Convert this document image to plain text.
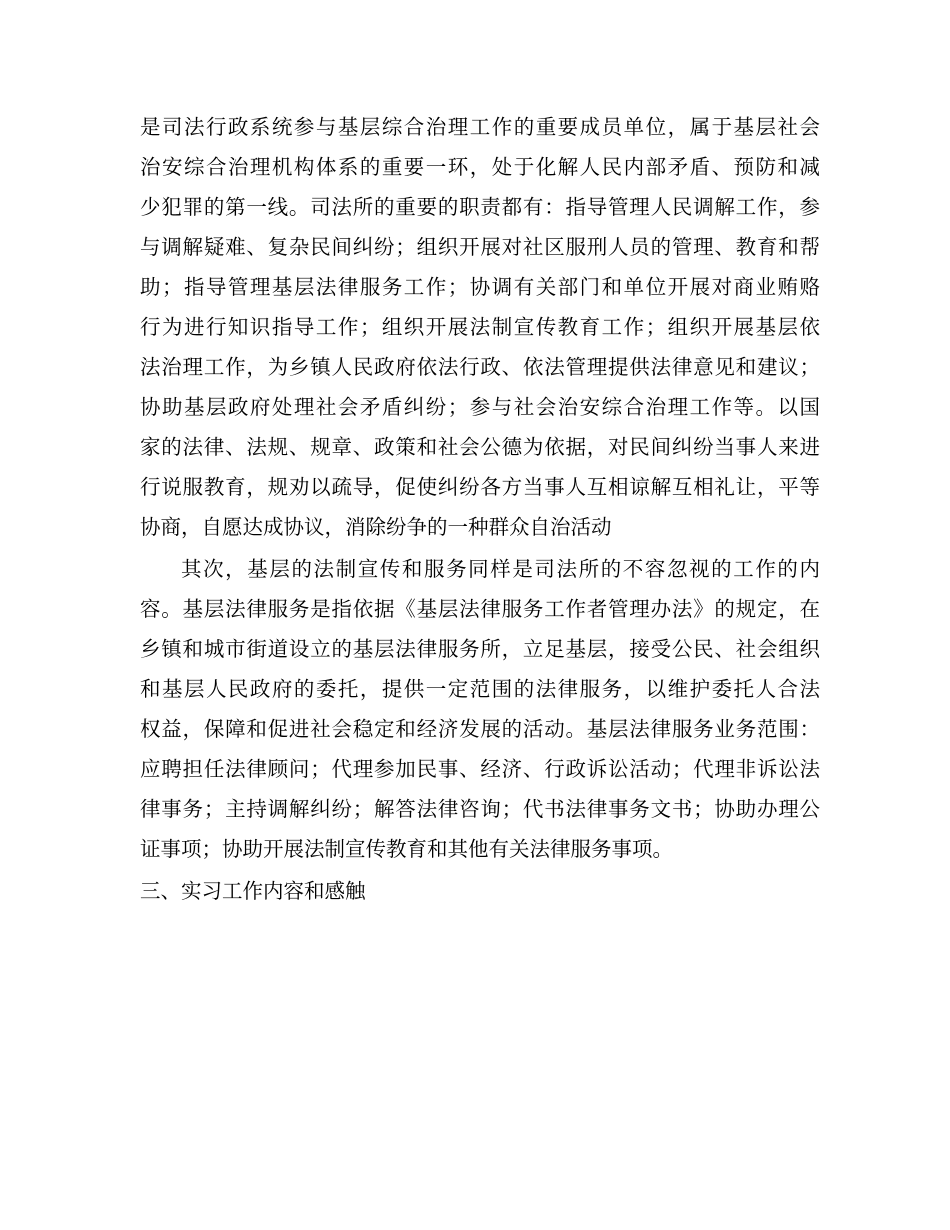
是司法行政系统参与基层综合治理工作的重要成员单位，属于基层社会
治安综合治理机构体系的重要一环，处于化解人民内部矛盾、预防和减
少犯罪的第一线。司法所的重要的职责都有：指导管理人民调解工作，参
与调解疑难、复杂民间纠纷；组织开展对社区服刑人员的管理、教育和帮
助；指导管理基层法律服务工作；协调有关部门和单位开展对商业贿赂
行为进行知识指导工作；组织开展法制宣传教育工作；组织开展基层依
法治理工作，为乡镇人民政府依法行政、依法管理提供法律意见和建议；
协助基层政府处理社会矛盾纠纷；参与社会治安综合治理工作等。以国
家的法律、法规、规章、政策和社会公德为依据，对民间纠纷当事人来进
行说服教育，规劝以疏导，促使纠纷各方当事人互相谅解互相礼让，平等
协商，自愿达成协议，消除纷争的一种群众自治活动
其次，基层的法制宣传和服务同样是司法所的不容忽视的工作的内
容。基层法律服务是指依据《基层法律服务工作者管理办法》的规定，在
乡镇和城市街道设立的基层法律服务所，立足基层，接受公民、社会组织
和基层人民政府的委托，提供一定范围的法律服务，以维护委托人合法
权益，保障和促进社会稳定和经济发展的活动。基层法律服务业务范围：
应聘担任法律顾问；代理参加民事、经济、行政诉讼活动；代理非诉讼法
律事务；主持调解纠纷；解答法律咨询；代书法律事务文书；协助办理公
证事项；协助开展法制宣传教育和其他有关法律服务事项。
三、实习工作内容和感触
